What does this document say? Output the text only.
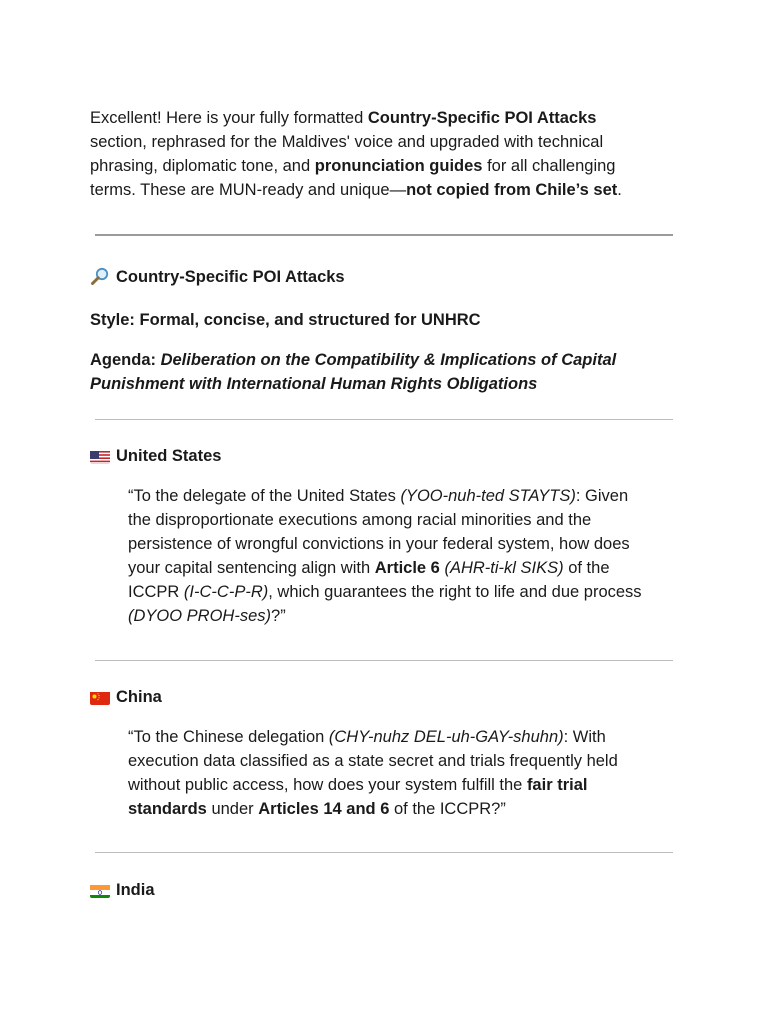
Excellent! Here is your fully formatted Country-Specific POI Attacks section, rephrased for the Maldives' voice and upgraded with technical phrasing, diplomatic tone, and pronunciation guides for all challenging terms. These are MUN-ready and unique—not copied from Chile’s set.

Country-Specific POI Attacks

Style: Formal, concise, and structured for UNHRC

Agenda: Deliberation on the Compatibility & Implications of Capital Punishment with International Human Rights Obligations

United States

“To the delegate of the United States (YOO-nuh-ted STAYTS): Given the disproportionate executions among racial minorities and the persistence of wrongful convictions in your federal system, how does your capital sentencing align with Article 6 (AHR-ti-kl SIKS) of the ICCPR (I-C-C-P-R), which guarantees the right to life and due process (DYOO PROH-ses)?”

China

“To the Chinese delegation (CHY-nuhz DEL-uh-GAY-shuhn): With execution data classified as a state secret and trials frequently held without public access, how does your system fulfill the fair trial standards under Articles 14 and 6 of the ICCPR?”

India
